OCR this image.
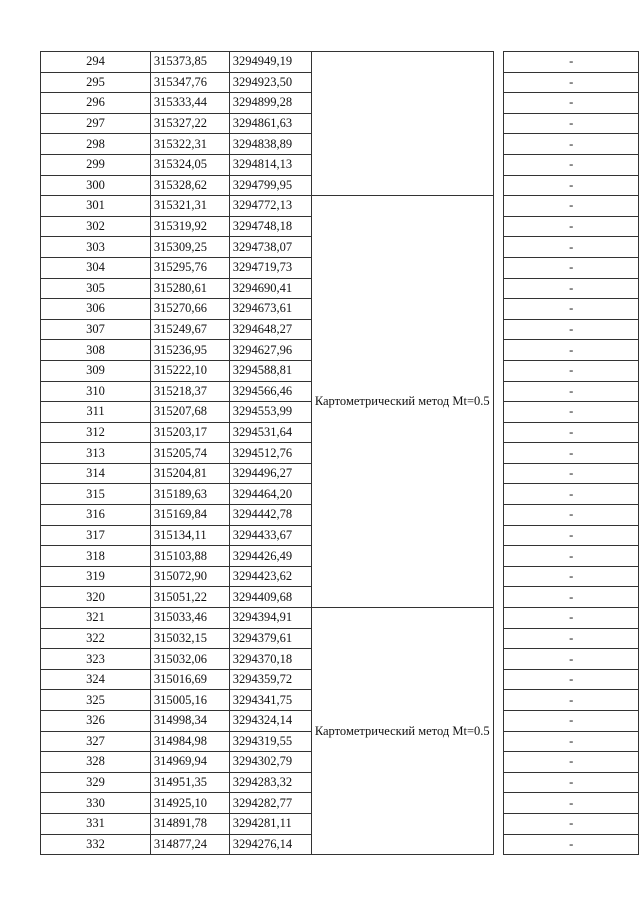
294	315373,85	3294949,19			-
295	315347,76	3294923,50			-
296	315333,44	3294899,28			-
297	315327,22	3294861,63			-
298	315322,31	3294838,89			-
299	315324,05	3294814,13			-
300	315328,62	3294799,95			-
301	315321,31	3294772,13	Картометрический метод Mt=0.5		-
302	315319,92	3294748,18			-
303	315309,25	3294738,07			-
304	315295,76	3294719,73			-
305	315280,61	3294690,41			-
306	315270,66	3294673,61			-
307	315249,67	3294648,27			-
308	315236,95	3294627,96			-
309	315222,10	3294588,81			-
310	315218,37	3294566,46			-
311	315207,68	3294553,99			-
312	315203,17	3294531,64			-
313	315205,74	3294512,76			-
314	315204,81	3294496,27			-
315	315189,63	3294464,20			-
316	315169,84	3294442,78			-
317	315134,11	3294433,67			-
318	315103,88	3294426,49			-
319	315072,90	3294423,62			-
320	315051,22	3294409,68			-
321	315033,46	3294394,91	Картометрический метод Mt=0.5		-
322	315032,15	3294379,61			-
323	315032,06	3294370,18			-
324	315016,69	3294359,72			-
325	315005,16	3294341,75			-
326	314998,34	3294324,14			-
327	314984,98	3294319,55			-
328	314969,94	3294302,79			-
329	314951,35	3294283,32			-
330	314925,10	3294282,77			-
331	314891,78	3294281,11			-
332	314877,24	3294276,14			-
